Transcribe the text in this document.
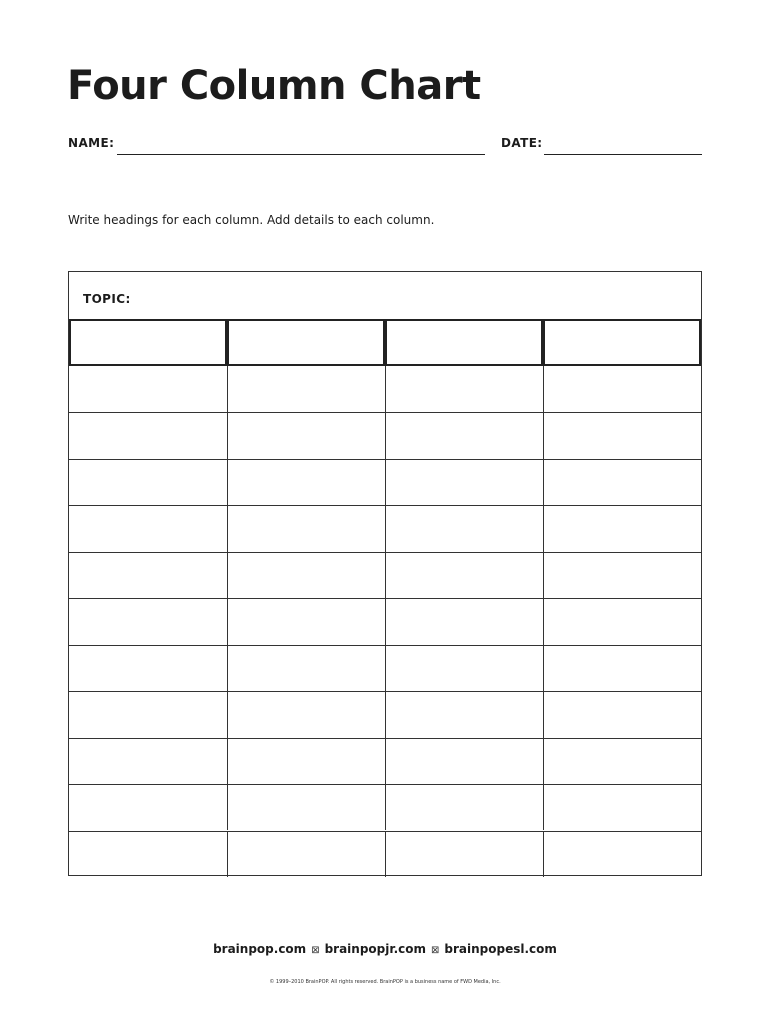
Four Column Chart
NAME:	DATE:
Write headings for each column. Add details to each column.
TOPIC:
brainpop.com ⊠ brainpopjr.com ⊠ brainpopesl.com
© 1999–2010 BrainPOP. All rights reserved. BrainPOP is a business name of FWD Media, Inc.
